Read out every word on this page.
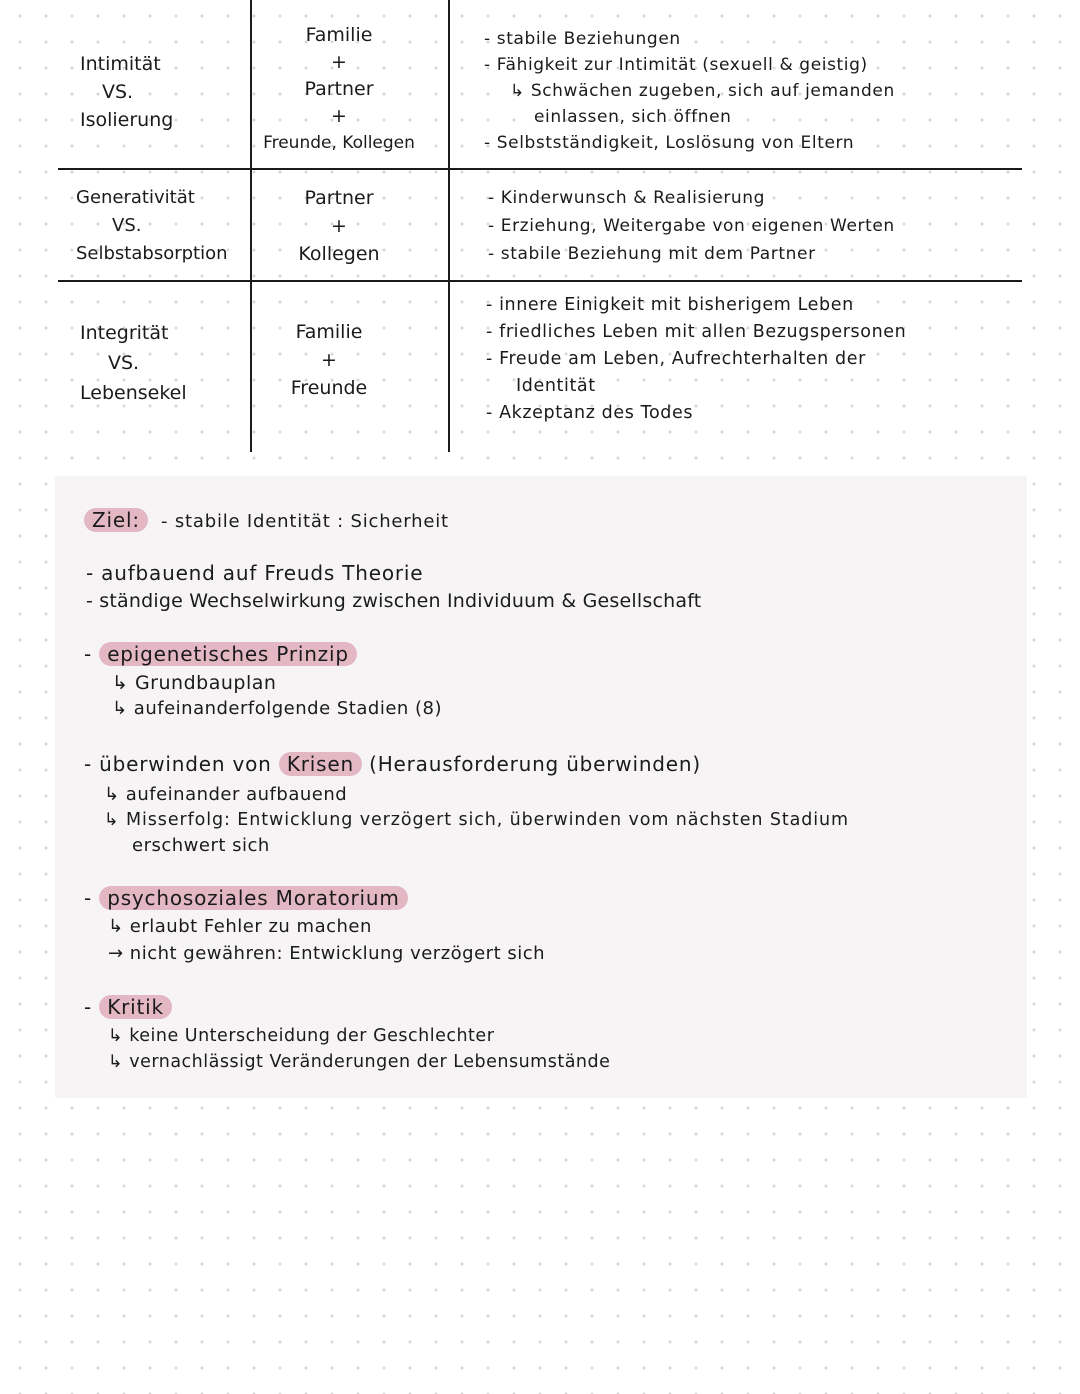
Intimität
VS.
Isolierung
Familie
+
Partner
+
Freunde, Kollegen
- stabile Beziehungen
- Fähigkeit zur Intimität (sexuell & geistig)
↳ Schwächen zugeben, sich auf jemanden
einlassen, sich öffnen
- Selbstständigkeit, Loslösung von Eltern
Generativität
VS.
Selbstabsorption
Partner
+
Kollegen
- Kinderwunsch & Realisierung
- Erziehung, Weitergabe von eigenen Werten
- stabile Beziehung mit dem Partner
Integrität
VS.
Lebensekel
Familie
+
Freunde
- innere Einigkeit mit bisherigem Leben
- friedliches Leben mit allen Bezugspersonen
- Freude am Leben, Aufrechterhalten der
Identität
- Akzeptanz des Todes
Ziel: - stabile Identität : Sicherheit
- aufbauend auf Freuds Theorie
- ständige Wechselwirkung zwischen Individuum & Gesellschaft
- epigenetisches Prinzip
↳ Grundbauplan
↳ aufeinanderfolgende Stadien (8)
- überwinden von Krisen (Herausforderung überwinden)
↳ aufeinander aufbauend
↳ Misserfolg: Entwicklung verzögert sich, überwinden vom nächsten Stadium
erschwert sich
- psychosoziales Moratorium
↳ erlaubt Fehler zu machen
→ nicht gewähren: Entwicklung verzögert sich
- Kritik
↳ keine Unterscheidung der Geschlechter
↳ vernachlässigt Veränderungen der Lebensumstände
